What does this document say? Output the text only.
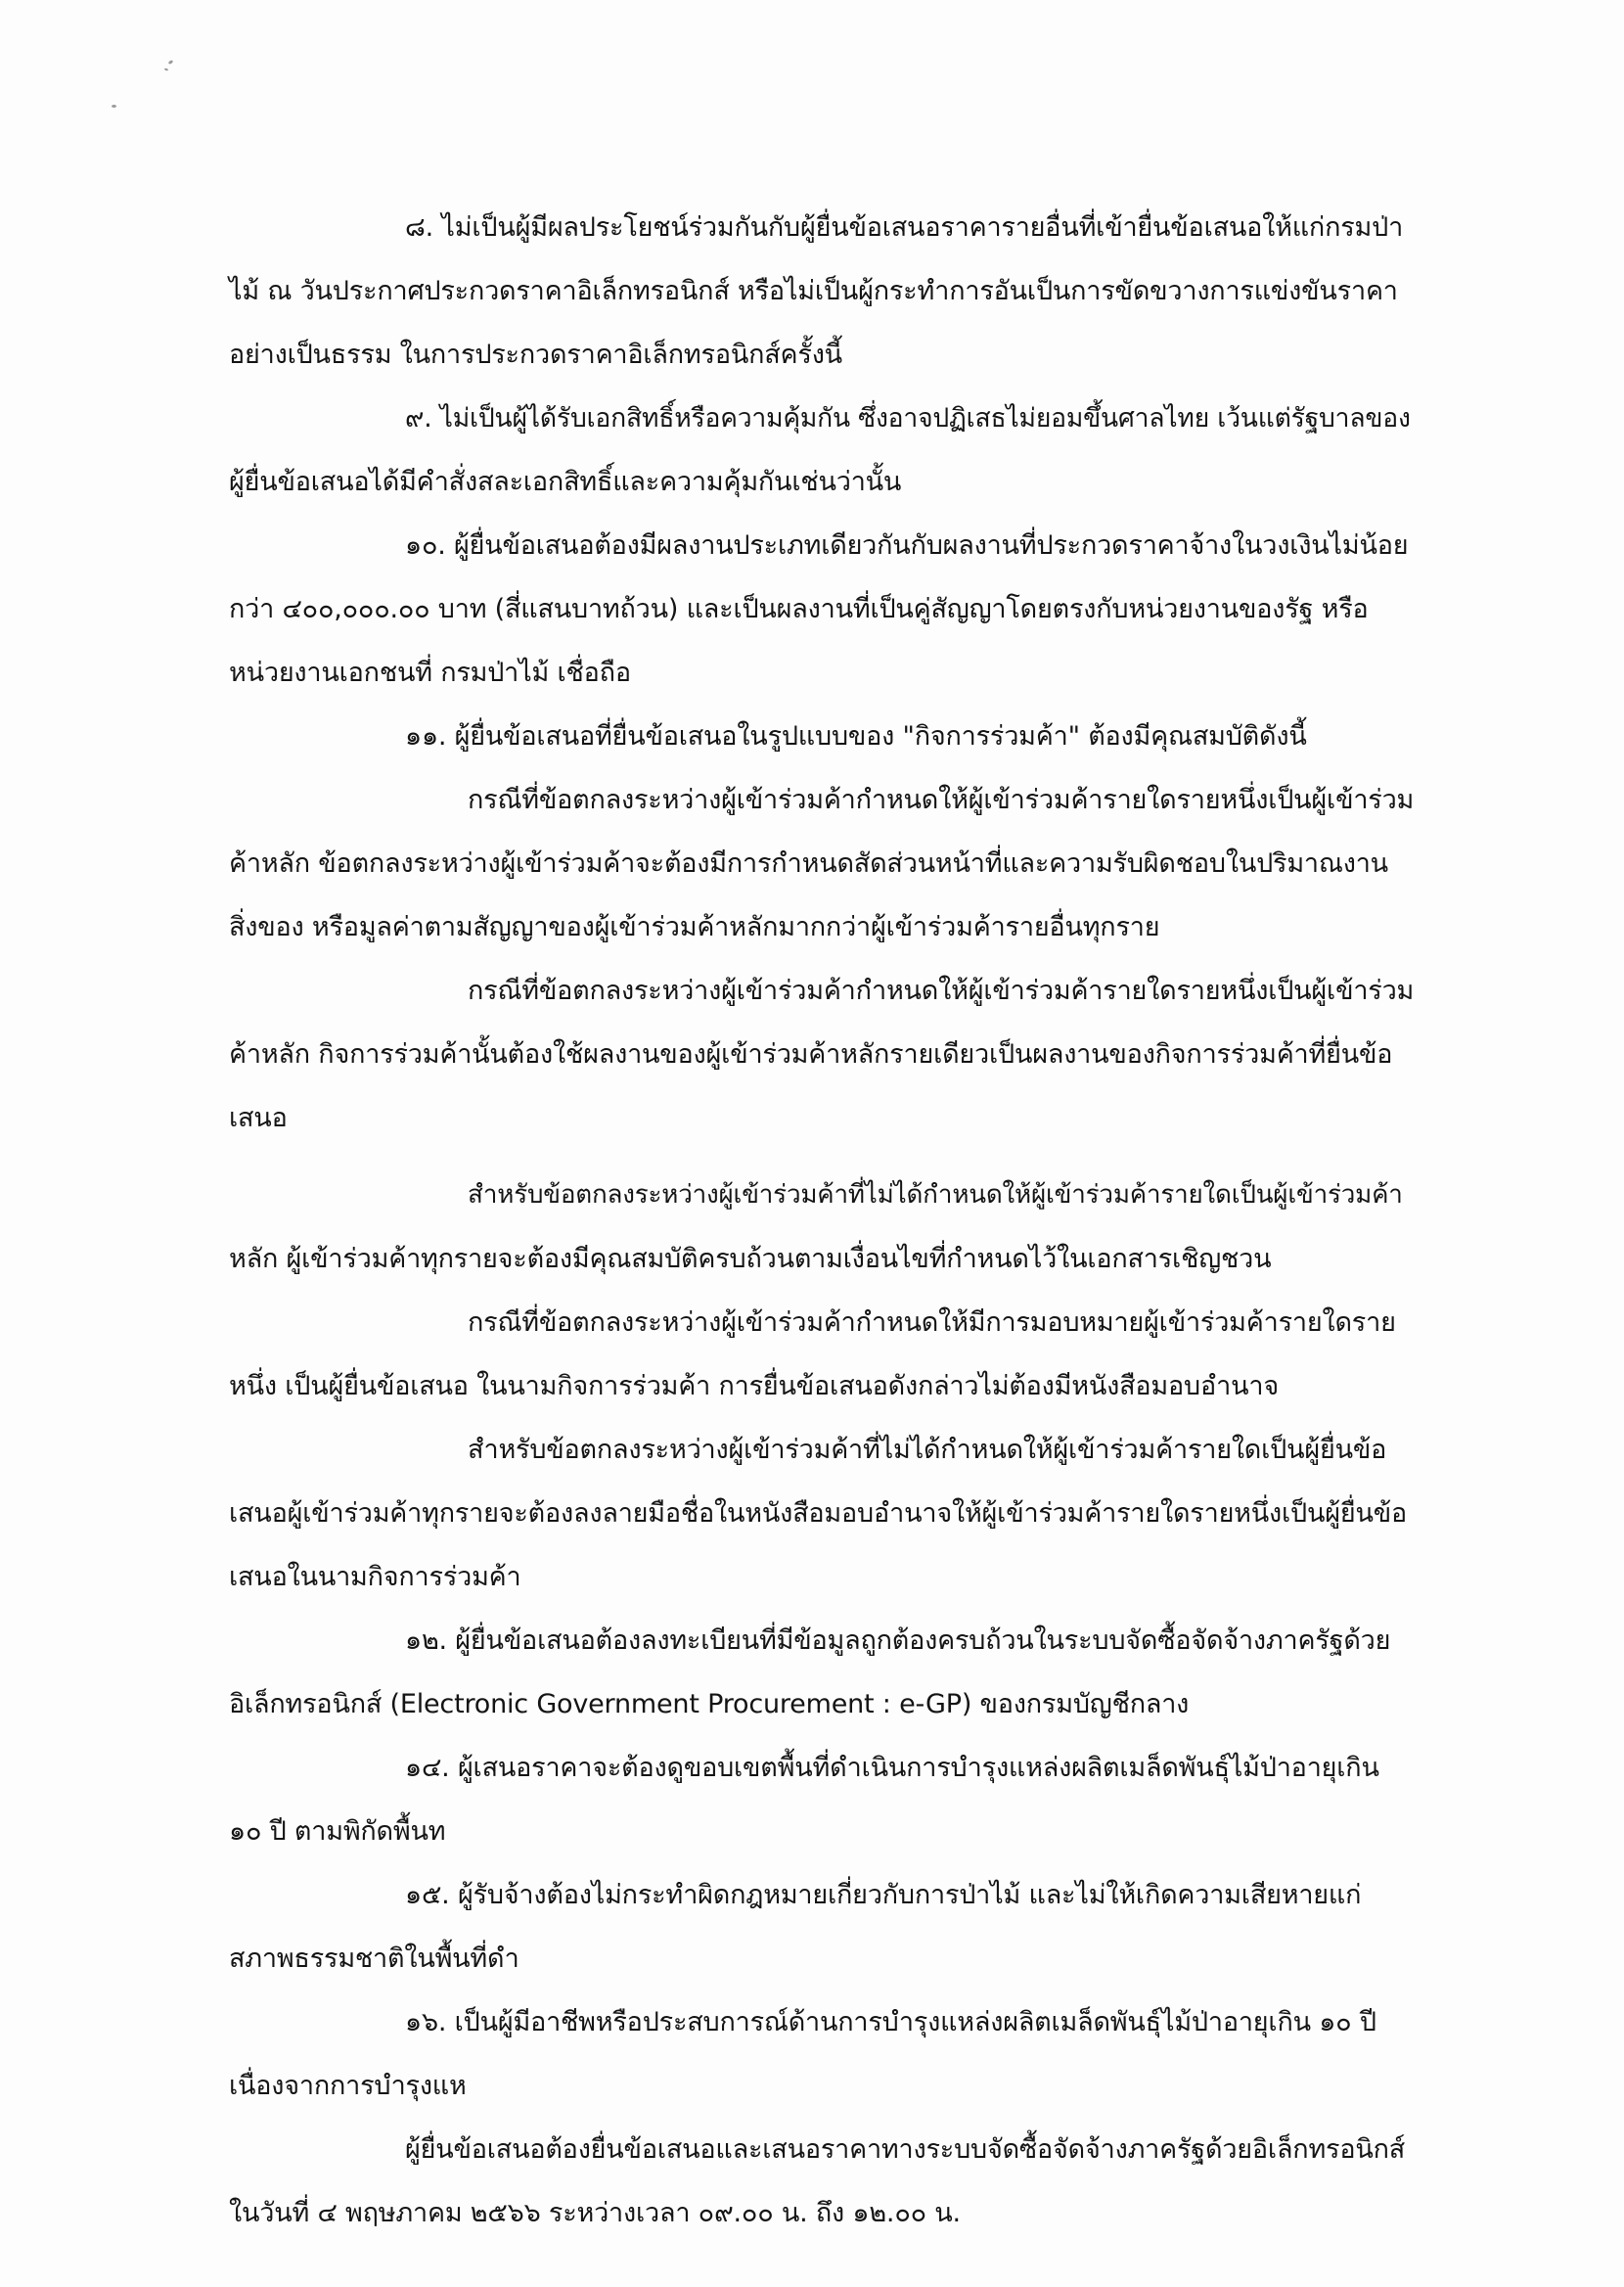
๘. ไม่เป็นผู้มีผลประโยชน์ร่วมกันกับผู้ยื่นข้อเสนอราคารายอื่นที่เข้ายื่นข้อเสนอให้แก่กรมป่า
ไม้ ณ วันประกาศประกวดราคาอิเล็กทรอนิกส์ หรือไม่เป็นผู้กระทำการอันเป็นการขัดขวางการแข่งขันราคา
อย่างเป็นธรรม ในการประกวดราคาอิเล็กทรอนิกส์ครั้งนี้
๙. ไม่เป็นผู้ได้รับเอกสิทธิ์หรือความคุ้มกัน ซึ่งอาจปฏิเสธไม่ยอมขึ้นศาลไทย เว้นแต่รัฐบาลของ
ผู้ยื่นข้อเสนอได้มีคำสั่งสละเอกสิทธิ์และความคุ้มกันเช่นว่านั้น
๑๐. ผู้ยื่นข้อเสนอต้องมีผลงานประเภทเดียวกันกับผลงานที่ประกวดราคาจ้างในวงเงินไม่น้อย
กว่า ๔๐๐,๐๐๐.๐๐ บาท (สี่แสนบาทถ้วน) และเป็นผลงานที่เป็นคู่สัญญาโดยตรงกับหน่วยงานของรัฐ หรือ
หน่วยงานเอกชนที่ กรมป่าไม้ เชื่อถือ
๑๑. ผู้ยื่นข้อเสนอที่ยื่นข้อเสนอในรูปแบบของ "กิจการร่วมค้า" ต้องมีคุณสมบัติดังนี้
กรณีที่ข้อตกลงระหว่างผู้เข้าร่วมค้ากำหนดให้ผู้เข้าร่วมค้ารายใดรายหนึ่งเป็นผู้เข้าร่วม
ค้าหลัก ข้อตกลงระหว่างผู้เข้าร่วมค้าจะต้องมีการกำหนดสัดส่วนหน้าที่และความรับผิดชอบในปริมาณงาน
สิ่งของ หรือมูลค่าตามสัญญาของผู้เข้าร่วมค้าหลักมากกว่าผู้เข้าร่วมค้ารายอื่นทุกราย
กรณีที่ข้อตกลงระหว่างผู้เข้าร่วมค้ากำหนดให้ผู้เข้าร่วมค้ารายใดรายหนึ่งเป็นผู้เข้าร่วม
ค้าหลัก กิจการร่วมค้านั้นต้องใช้ผลงานของผู้เข้าร่วมค้าหลักรายเดียวเป็นผลงานของกิจการร่วมค้าที่ยื่นข้อ
เสนอ
สำหรับข้อตกลงระหว่างผู้เข้าร่วมค้าที่ไม่ได้กำหนดให้ผู้เข้าร่วมค้ารายใดเป็นผู้เข้าร่วมค้า
หลัก ผู้เข้าร่วมค้าทุกรายจะต้องมีคุณสมบัติครบถ้วนตามเงื่อนไขที่กำหนดไว้ในเอกสารเชิญชวน
กรณีที่ข้อตกลงระหว่างผู้เข้าร่วมค้ากำหนดให้มีการมอบหมายผู้เข้าร่วมค้ารายใดราย
หนึ่ง เป็นผู้ยื่นข้อเสนอ ในนามกิจการร่วมค้า การยื่นข้อเสนอดังกล่าวไม่ต้องมีหนังสือมอบอำนาจ
สำหรับข้อตกลงระหว่างผู้เข้าร่วมค้าที่ไม่ได้กำหนดให้ผู้เข้าร่วมค้ารายใดเป็นผู้ยื่นข้อ
เสนอผู้เข้าร่วมค้าทุกรายจะต้องลงลายมือชื่อในหนังสือมอบอำนาจให้ผู้เข้าร่วมค้ารายใดรายหนึ่งเป็นผู้ยื่นข้อ
เสนอในนามกิจการร่วมค้า
๑๒. ผู้ยื่นข้อเสนอต้องลงทะเบียนที่มีข้อมูลถูกต้องครบถ้วนในระบบจัดซื้อจัดจ้างภาครัฐด้วย
อิเล็กทรอนิกส์ (Electronic Government Procurement : e-GP) ของกรมบัญชีกลาง
๑๔. ผู้เสนอราคาจะต้องดูขอบเขตพื้นที่ดำเนินการบำรุงแหล่งผลิตเมล็ดพันธุ์ไม้ป่าอายุเกิน
๑๐ ปี ตามพิกัดพื้นท
๑๕. ผู้รับจ้างต้องไม่กระทำผิดกฎหมายเกี่ยวกับการป่าไม้ และไม่ให้เกิดความเสียหายแก่
สภาพธรรมชาติในพื้นที่ดำ
๑๖. เป็นผู้มีอาชีพหรือประสบการณ์ด้านการบำรุงแหล่งผลิตเมล็ดพันธุ์ไม้ป่าอายุเกิน ๑๐ ปี
เนื่องจากการบำรุงแห
ผู้ยื่นข้อเสนอต้องยื่นข้อเสนอและเสนอราคาทางระบบจัดซื้อจัดจ้างภาครัฐด้วยอิเล็กทรอนิกส์
ในวันที่ ๔ พฤษภาคม ๒๕๖๖ ระหว่างเวลา ๐๙.๐๐ น. ถึง ๑๒.๐๐ น.
